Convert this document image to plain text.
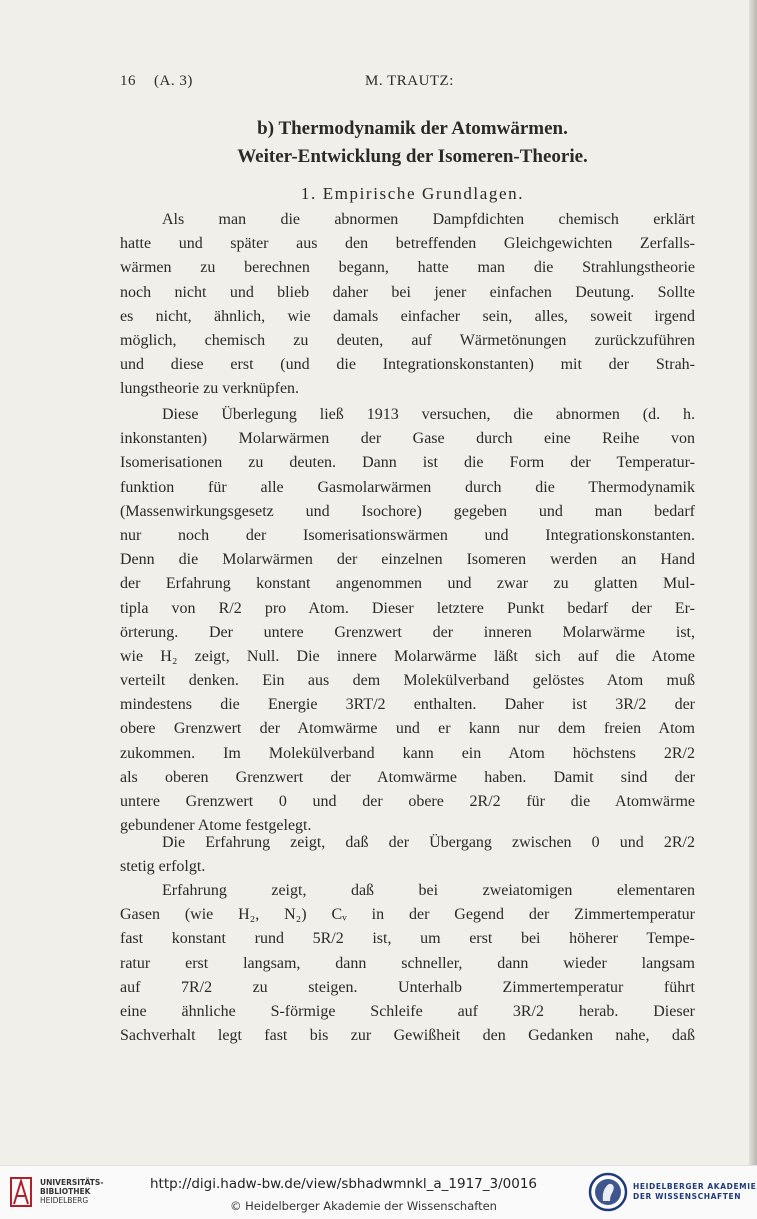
16 (A. 3)	M. TRAUTZ:
b) Thermodynamik der Atomwärmen.
Weiter-Entwicklung der Isomeren-Theorie.
1. Empirische Grundlagen.
Als man die abnormen Dampfdichten chemisch erklärt
hatte und später aus den betreffenden Gleichgewichten Zerfalls-
wärmen zu berechnen begann, hatte man die Strahlungstheorie
noch nicht und blieb daher bei jener einfachen Deutung. Sollte
es nicht, ähnlich, wie damals einfacher sein, alles, soweit irgend
möglich, chemisch zu deuten, auf Wärmetönungen zurückzuführen
und diese erst (und die Integrationskonstanten) mit der Strah-
lungstheorie zu verknüpfen.
Diese Überlegung ließ 1913 versuchen, die abnormen (d. h.
inkonstanten) Molarwärmen der Gase durch eine Reihe von
Isomerisationen zu deuten. Dann ist die Form der Temperatur-
funktion für alle Gasmolarwärmen durch die Thermodynamik
(Massenwirkungsgesetz und Isochore) gegeben und man bedarf
nur noch der Isomerisationswärmen und Integrationskonstanten.
Denn die Molarwärmen der einzelnen Isomeren werden an Hand
der Erfahrung konstant angenommen und zwar zu glatten Mul-
tipla von R/2 pro Atom. Dieser letztere Punkt bedarf der Er-
örterung. Der untere Grenzwert der inneren Molarwärme ist,
wie H₂ zeigt, Null. Die innere Molarwärme läßt sich auf die Atome
verteilt denken. Ein aus dem Molekülverband gelöstes Atom muß
mindestens die Energie 3RT/2 enthalten. Daher ist 3R/2 der
obere Grenzwert der Atomwärme und er kann nur dem freien Atom
zukommen. Im Molekülverband kann ein Atom höchstens 2R/2
als oberen Grenzwert der Atomwärme haben. Damit sind der
untere Grenzwert 0 und der obere 2R/2 für die Atomwärme
gebundener Atome festgelegt.
Die Erfahrung zeigt, daß der Übergang zwischen 0 und 2R/2
stetig erfolgt.
Erfahrung zeigt, daß bei zweiatomigen elementaren
Gasen (wie H₂, N₂) Cᵥ in der Gegend der Zimmertemperatur
fast konstant rund 5R/2 ist, um erst bei höherer Tempe-
ratur erst langsam, dann schneller, dann wieder langsam
auf 7R/2 zu steigen. Unterhalb Zimmertemperatur führt
eine ähnliche S-förmige Schleife auf 3R/2 herab. Dieser
Sachverhalt legt fast bis zur Gewißheit den Gedanken nahe, daß
UNIVERSITÄTS-
BIBLIOTHEK
HEIDELBERG
http://digi.hadw-bw.de/view/sbhadwmnkl_a_1917_3/0016
© Heidelberger Akademie der Wissenschaften
HEIDELBERGER AKADEMIE
DER WISSENSCHAFTEN
